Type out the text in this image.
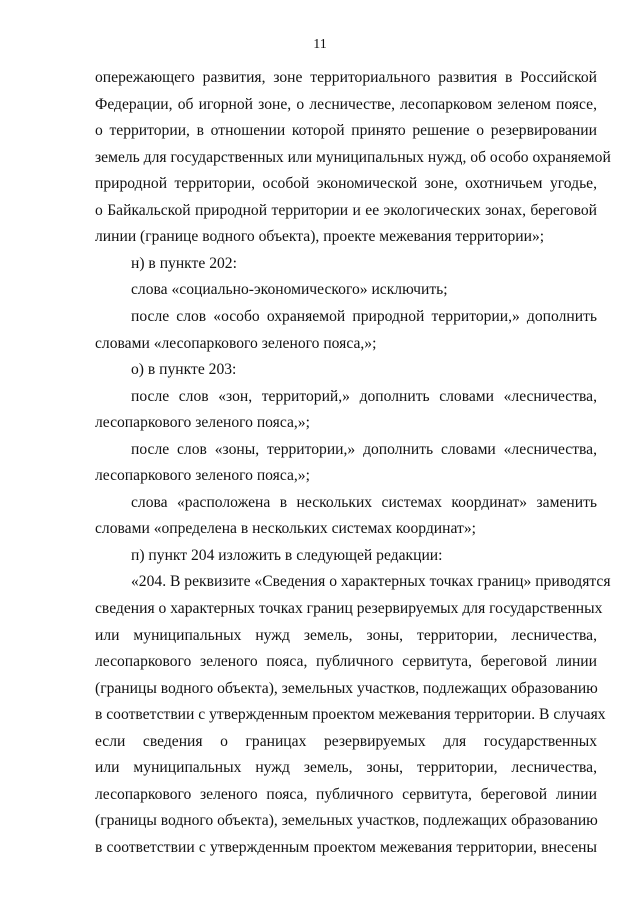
11
опережающего развития, зоне территориального развития в Российской
Федерации, об игорной зоне, о лесничестве, лесопарковом зеленом поясе,
о территории, в отношении которой принято решение о резервировании
земель для государственных или муниципальных нужд, об особо охраняемой
природной территории, особой экономической зоне, охотничьем угодье,
о Байкальской природной территории и ее экологических зонах, береговой
линии (границе водного объекта), проекте межевания территории»;
н) в пункте 202:
слова «социально-экономического» исключить;
после слов «особо охраняемой природной территории,» дополнить
словами «лесопаркового зеленого пояса,»;
о) в пункте 203:
после слов «зон, территорий,» дополнить словами «лесничества,
лесопаркового зеленого пояса,»;
после слов «зоны, территории,» дополнить словами «лесничества,
лесопаркового зеленого пояса,»;
слова «расположена в нескольких системах координат» заменить
словами «определена в нескольких системах координат»;
п) пункт 204 изложить в следующей редакции:
«204. В реквизите «Сведения о характерных точках границ» приводятся
сведения о характерных точках границ резервируемых для государственных
или муниципальных нужд земель, зоны, территории, лесничества,
лесопаркового зеленого пояса, публичного сервитута, береговой линии
(границы водного объекта), земельных участков, подлежащих образованию
в соответствии с утвержденным проектом межевания территории. В случаях
если сведения о границах резервируемых для государственных
или муниципальных нужд земель, зоны, территории, лесничества,
лесопаркового зеленого пояса, публичного сервитута, береговой линии
(границы водного объекта), земельных участков, подлежащих образованию
в соответствии с утвержденным проектом межевания территории, внесены
